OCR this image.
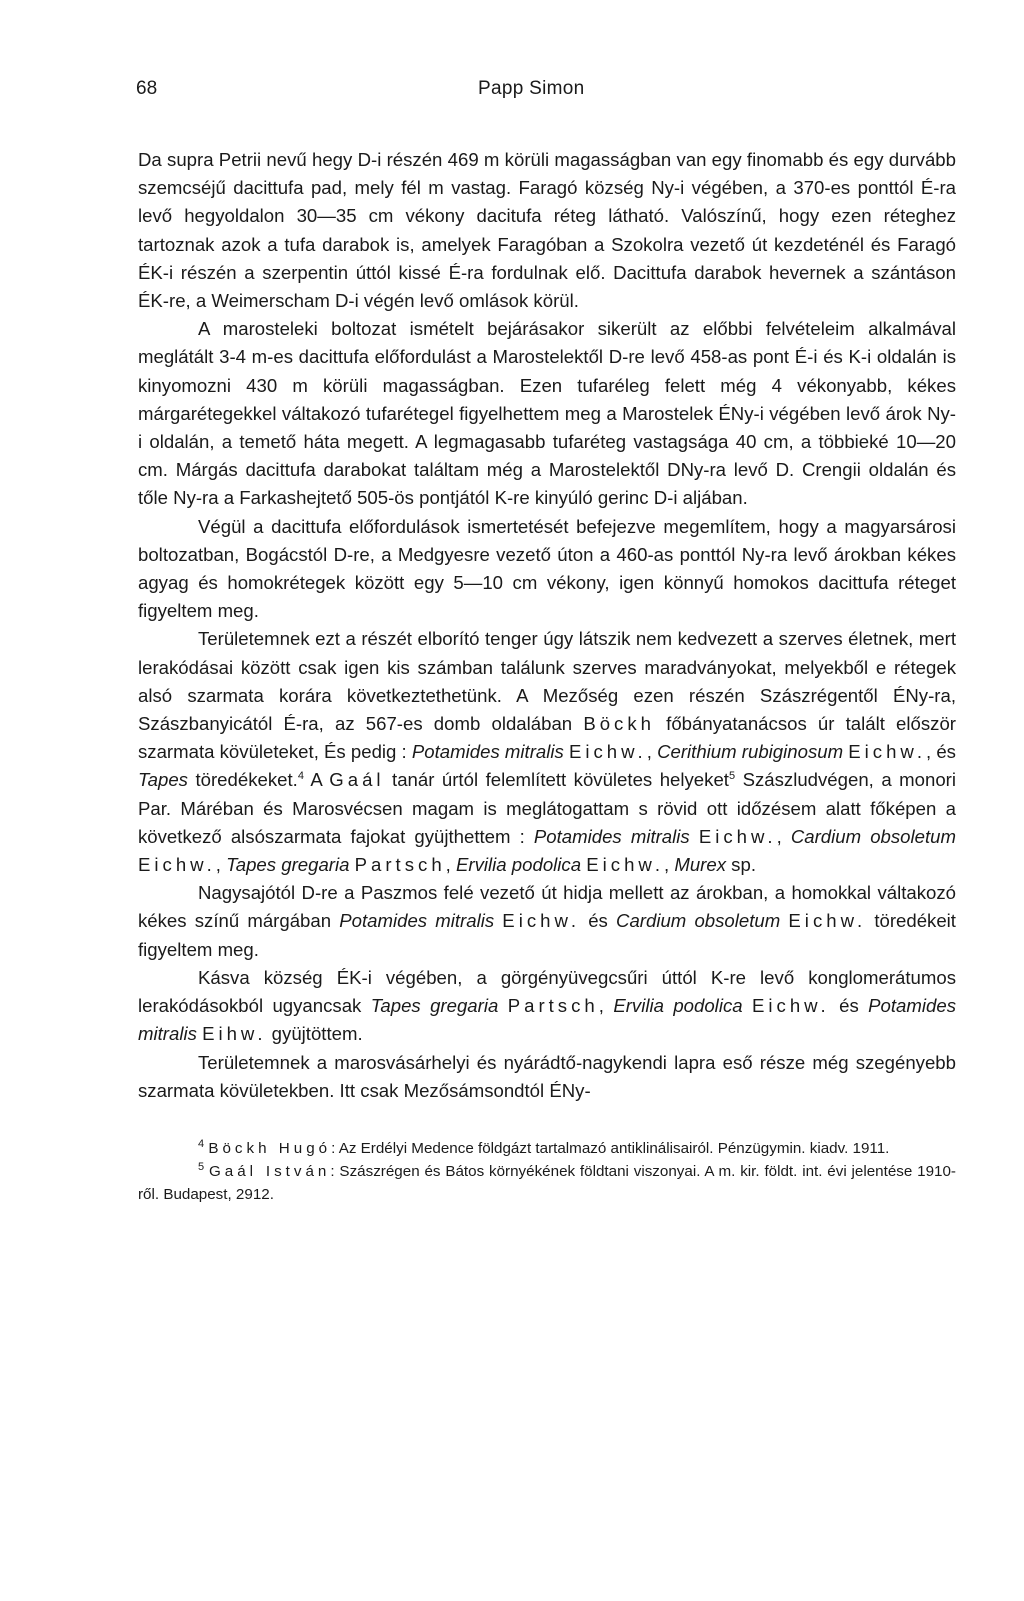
68	Papp Simon

Da supra Petrii nevű hegy D-i részén 469 m körüli magasságban van egy finomabb és egy durvább szemcséjű dacittufa pad, mely fél m vastag. Faragó község Ny-i végében, a 370-es ponttól É-ra levő hegyoldalon 30—35 cm vékony dacitufa réteg látható. Valószínű, hogy ezen réteghez tartoznak azok a tufa darabok is, amelyek Faragóban a Szokolra vezető út kezdeténél és Faragó ÉK-i részén a szerpentin úttól kissé É-ra fordulnak elő. Dacittufa darabok hevernek a szántáson ÉK-re, a Weimerscham D-i végén levő omlások körül.

A marosteleki boltozat ismételt bejárásakor sikerült az előbbi felvételeim alkalmával meglátált 3-4 m-es dacittufa előfordulást a Marostelektől D-re levő 458-as pont É-i és K-i oldalán is kinyomozni 430 m körüli magasságban. Ezen tufaréleg felett még 4 vékonyabb, kékes márgarétegekkel váltakozó tufarétegel figyelhettem meg a Marostelek ÉNy-i végében levő árok Ny-i oldalán, a temető háta megett. A legmagasabb tufaréteg vastagsága 40 cm, a többieké 10—20 cm. Márgás dacittufa darabokat találtam még a Marostelektől DNy-ra levő D. Crengii oldalán és tőle Ny-ra a Farkashejtető 505-ös pontjától K-re kinyúló gerinc D-i aljában.

Végül a dacittufa előfordulások ismertetését befejezve megemlítem, hogy a magyarsárosi boltozatban, Bogácstól D-re, a Medgyesre vezető úton a 460-as ponttól Ny-ra levő árokban kékes agyag és homokrétegek között egy 5—10 cm vékony, igen könnyű homokos dacittufa réteget figyeltem meg.

Területemnek ezt a részét elborító tenger úgy látszik nem kedvezett a szerves életnek, mert lerakódásai között csak igen kis számban találunk szerves maradványokat, melyekből e rétegek alsó szarmata korára következtethetünk. A Mezőség ezen részén Szászrégentől ÉNy-ra, Szászbanyicától É-ra, az 567-es domb oldalában Böckh főbányatanácsos úr talált először szarmata kövületeket, És pedig : Potamides mitralis Eichw., Cerithium rubiginosum Eichw., és Tapes töredékeket.$^4$ A Gaál tanár úrtól felemlített kövületes helyeket$^5$ Szászludvégen, a monori Par. Máréban és Marosvécsen magam is meglátogattam s rövid ott időzésem alatt főképen a következő alsószarmata fajokat gyüjthettem : Potamides mitralis Eichw., Cardium obsoletum Eichw., Tapes gregaria Partsch, Ervilia podolica Eichw., Murex sp.

Nagysajótól D-re a Paszmos felé vezető út hidja mellett az árokban, a homokkal váltakozó kékes színű márgában Potamides mitralis Eichw. és Cardium obsoletum Eichw. töredékeit figyeltem meg.

Kásva község ÉK-i végében, a görgényüvegcsűri úttól K-re levő konglomerátumos lerakódásokból ugyancsak Tapes gregaria Partsch, Ervilia podolica Eichw. és Potamides mitralis Eihw. gyüjtöttem.

Területemnek a marosvásárhelyi és nyárádtő-nagykendi lapra eső része még szegényebb szarmata kövületekben. Itt csak Mezősámsondtól ÉNy-

$^4$ Böckh Hugó: Az Erdélyi Medence földgázt tartalmazó antiklinálisairól. Pénzügymin. kiadv. 1911.

$^5$ Gaál István: Szászrégen és Bátos környékének földtani viszonyai. A m. kir. földt. int. évi jelentése 1910-ről. Budapest, 2912.
